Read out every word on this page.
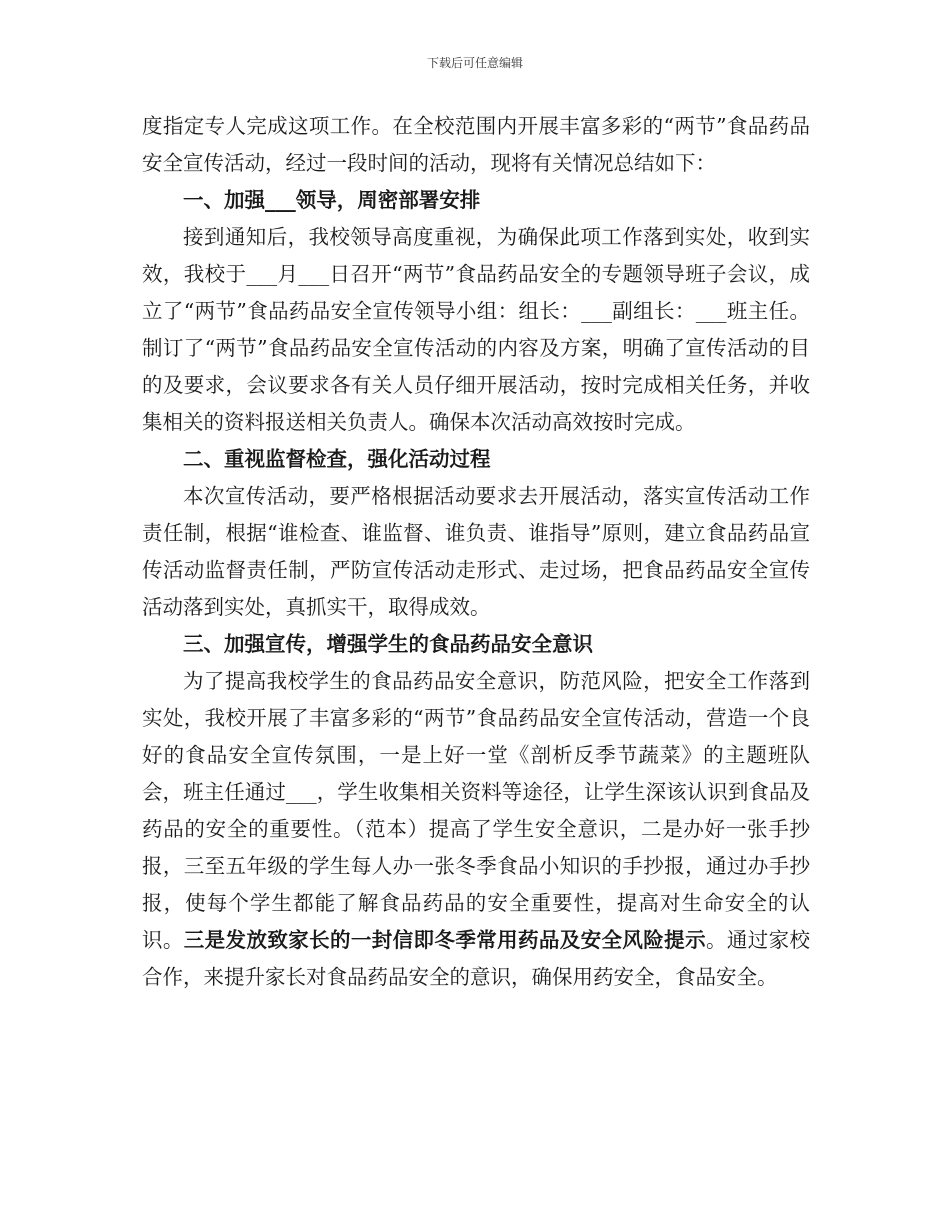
下载后可任意编辑

度指定专人完成这项工作。在全校范围内开展丰富多彩的“两节”食品药品安全宣传活动，经过一段时间的活动，现将有关情况总结如下：

一、加强___领导，周密部署安排

接到通知后，我校领导高度重视，为确保此项工作落到实处，收到实效，我校于___月___日召开“两节”食品药品安全的专题领导班子会议，成立了“两节”食品药品安全宣传领导小组：组长：___副组长：___班主任。制订了“两节”食品药品安全宣传活动的内容及方案，明确了宣传活动的目的及要求，会议要求各有关人员仔细开展活动，按时完成相关任务，并收集相关的资料报送相关负责人。确保本次活动高效按时完成。

二、重视监督检查，强化活动过程

本次宣传活动，要严格根据活动要求去开展活动，落实宣传活动工作责任制，根据“谁检查、谁监督、谁负责、谁指导”原则，建立食品药品宣传活动监督责任制，严防宣传活动走形式、走过场，把食品药品安全宣传活动落到实处，真抓实干，取得成效。

三、加强宣传，增强学生的食品药品安全意识

为了提高我校学生的食品药品安全意识，防范风险，把安全工作落到实处，我校开展了丰富多彩的“两节”食品药品安全宣传活动，营造一个良好的食品安全宣传氛围，一是上好一堂《剖析反季节蔬菜》的主题班队会，班主任通过___，学生收集相关资料等途径，让学生深该认识到食品及药品的安全的重要性。（范本）提高了学生安全意识，二是办好一张手抄报，三至五年级的学生每人办一张冬季食品小知识的手抄报，通过办手抄报，使每个学生都能了解食品药品的安全重要性，提高对生命安全的认识。三是发放致家长的一封信即冬季常用药品及安全风险提示。通过家校合作，来提升家长对食品药品安全的意识，确保用药安全，食品安全。
